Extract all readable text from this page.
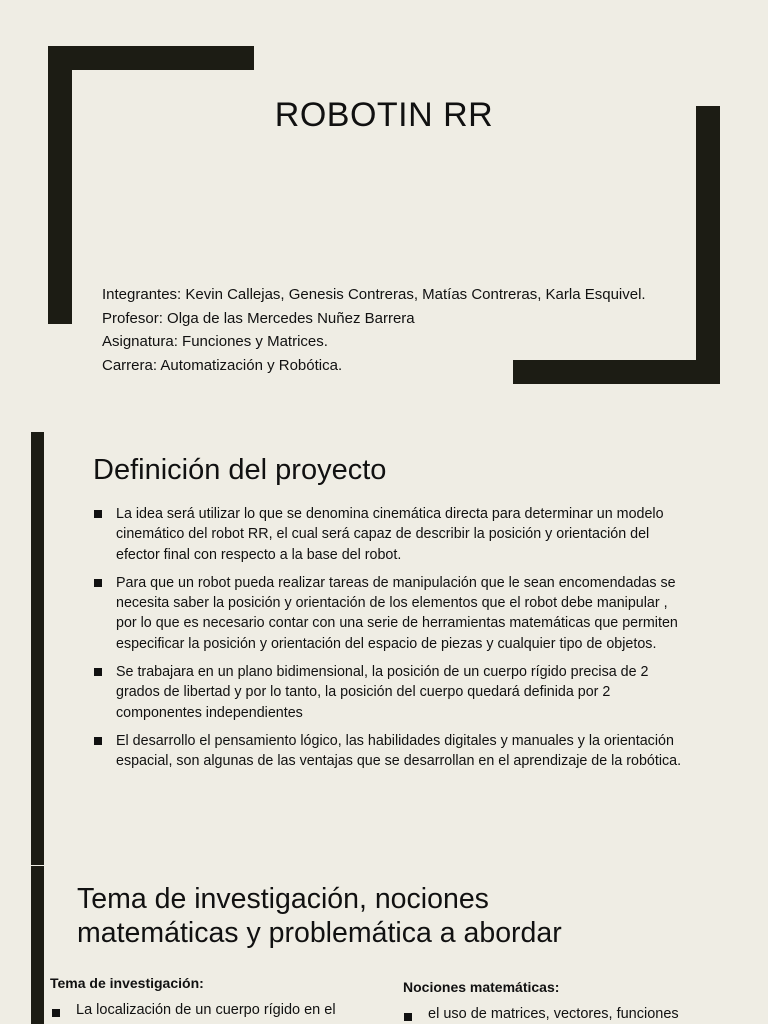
ROBOTIN RR
Integrantes: Kevin Callejas, Genesis Contreras, Matías Contreras, Karla Esquivel.
Profesor: Olga de las Mercedes Nuñez Barrera
Asignatura: Funciones y Matrices.
Carrera: Automatización y Robótica.
Definición del proyecto
La idea será utilizar lo que se denomina cinemática directa para determinar un modelo cinemático del robot RR, el cual será capaz de describir la posición y orientación del efector final con respecto a la base del robot.
Para que un robot pueda realizar tareas de manipulación que le sean encomendadas se necesita saber la posición y orientación de los elementos que el robot debe manipular , por lo que es necesario contar con una serie de herramientas matemáticas que permiten especificar la posición y orientación del espacio de piezas y cualquier tipo de objetos.
Se trabajara en un plano bidimensional, la posición de un cuerpo rígido precisa de 2 grados de libertad y por lo tanto, la posición del cuerpo quedará definida por 2 componentes independientes
El desarrollo el pensamiento lógico, las habilidades digitales y manuales y la orientación espacial, son algunas de las ventajas que se desarrollan en el aprendizaje de la robótica.
Tema de investigación, nociones
matemáticas y problemática a abordar
Tema de investigación:
La localización de un cuerpo rígido en el
Nociones matemáticas:
el uso de matrices, vectores, funciones
